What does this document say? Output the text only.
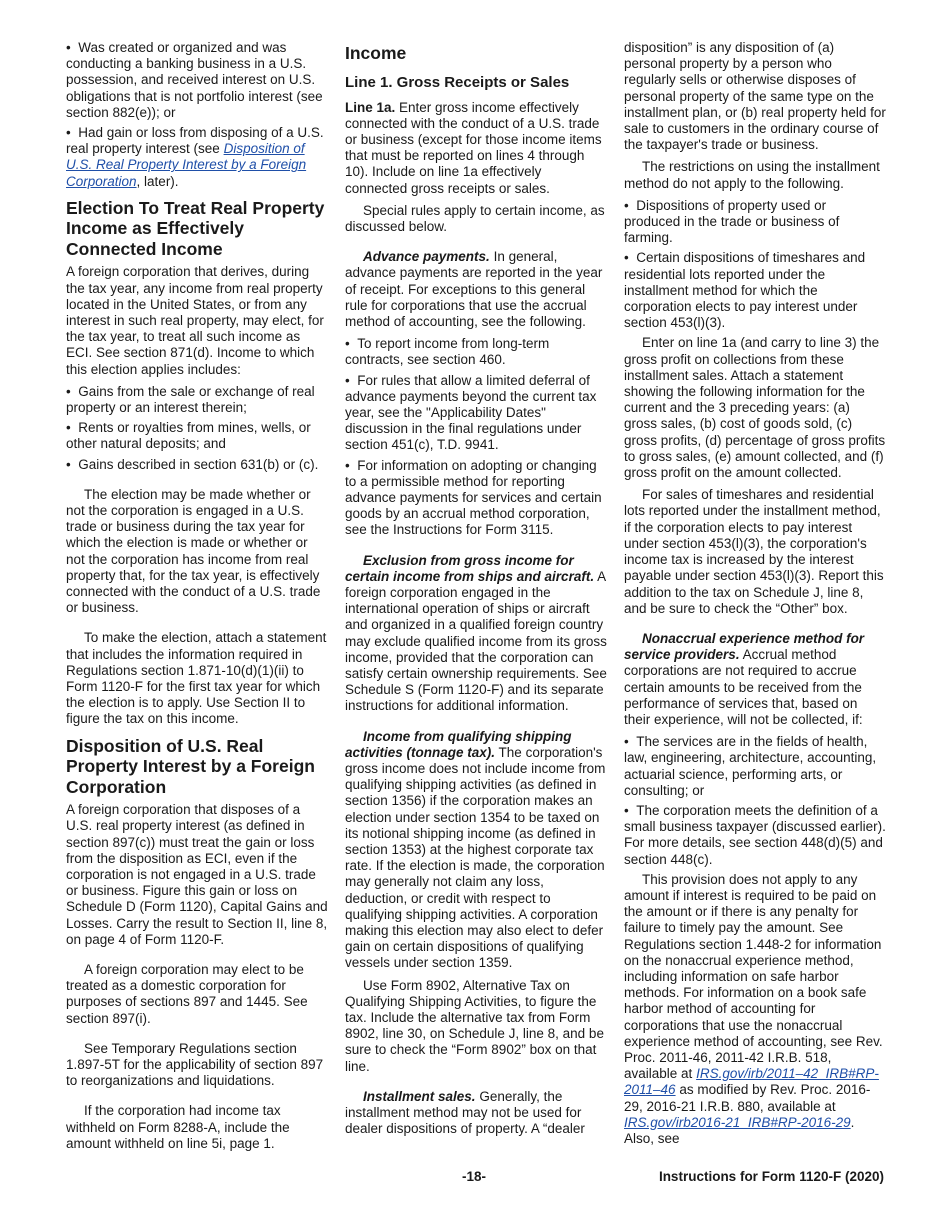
•  Was created or organized and was conducting a banking business in a U.S. possession, and received interest on U.S. obligations that is not portfolio interest (see section 882(e)); or

•  Had gain or loss from disposing of a U.S. real property interest (see Disposition of U.S. Real Property Interest by a Foreign Corporation, later).

Election To Treat Real Property Income as Effectively Connected Income

A foreign corporation that derives, during the tax year, any income from real property located in the United States, or from any interest in such real property, may elect, for the tax year, to treat all such income as ECI. See section 871(d). Income to which this election applies includes:

•  Gains from the sale or exchange of real property or an interest therein;

•  Rents or royalties from mines, wells, or other natural deposits; and

•  Gains described in section 631(b) or (c).

The election may be made whether or not the corporation is engaged in a U.S. trade or business during the tax year for which the election is made or whether or not the corporation has income from real property that, for the tax year, is effectively connected with the conduct of a U.S. trade or business.

To make the election, attach a statement that includes the information required in Regulations section 1.871-10(d)(1)(ii) to Form 1120-F for the first tax year for which the election is to apply. Use Section II to figure the tax on this income.

Disposition of U.S. Real Property Interest by a Foreign Corporation

A foreign corporation that disposes of a U.S. real property interest (as defined in section 897(c)) must treat the gain or loss from the disposition as ECI, even if the corporation is not engaged in a U.S. trade or business. Figure this gain or loss on Schedule D (Form 1120), Capital Gains and Losses. Carry the result to Section II, line 8, on page 4 of Form 1120-F.

A foreign corporation may elect to be treated as a domestic corporation for purposes of sections 897 and 1445. See section 897(i).

See Temporary Regulations section 1.897-5T for the applicability of section 897 to reorganizations and liquidations.

If the corporation had income tax withheld on Form 8288-A, include the amount withheld on line 5i, page 1.

Income
Line 1. Gross Receipts or Sales

Line 1a. Enter gross income effectively connected with the conduct of a U.S. trade or business (except for those income items that must be reported on lines 4 through 10). Include on line 1a effectively connected gross receipts or sales.

Special rules apply to certain income, as discussed below.

Advance payments. In general, advance payments are reported in the year of receipt. For exceptions to this general rule for corporations that use the accrual method of accounting, see the following.

•  To report income from long-term contracts, see section 460.

•  For rules that allow a limited deferral of advance payments beyond the current tax year, see the "Applicability Dates" discussion in the final regulations under section 451(c), T.D. 9941.

•  For information on adopting or changing to a permissible method for reporting advance payments for services and certain goods by an accrual method corporation, see the Instructions for Form 3115.

Exclusion from gross income for certain income from ships and aircraft. A foreign corporation engaged in the international operation of ships or aircraft and organized in a qualified foreign country may exclude qualified income from its gross income, provided that the corporation can satisfy certain ownership requirements. See Schedule S (Form 1120-F) and its separate instructions for additional information.

Income from qualifying shipping activities (tonnage tax). The corporation's gross income does not include income from qualifying shipping activities (as defined in section 1356) if the corporation makes an election under section 1354 to be taxed on its notional shipping income (as defined in section 1353) at the highest corporate tax rate. If the election is made, the corporation may generally not claim any loss, deduction, or credit with respect to qualifying shipping activities. A corporation making this election may also elect to defer gain on certain dispositions of qualifying vessels under section 1359.

Use Form 8902, Alternative Tax on Qualifying Shipping Activities, to figure the tax. Include the alternative tax from Form 8902, line 30, on Schedule J, line 8, and be sure to check the “Form 8902” box on that line.

Installment sales. Generally, the installment method may not be used for dealer dispositions of property. A “dealer

disposition” is any disposition of (a) personal property by a person who regularly sells or otherwise disposes of personal property of the same type on the installment plan, or (b) real property held for sale to customers in the ordinary course of the taxpayer's trade or business.

The restrictions on using the installment method do not apply to the following.

•  Dispositions of property used or produced in the trade or business of farming.

•  Certain dispositions of timeshares and residential lots reported under the installment method for which the corporation elects to pay interest under section 453(l)(3).

Enter on line 1a (and carry to line 3) the gross profit on collections from these installment sales. Attach a statement showing the following information for the current and the 3 preceding years: (a) gross sales, (b) cost of goods sold, (c) gross profits, (d) percentage of gross profits to gross sales, (e) amount collected, and (f) gross profit on the amount collected.

For sales of timeshares and residential lots reported under the installment method, if the corporation elects to pay interest under section 453(l)(3), the corporation's income tax is increased by the interest payable under section 453(l)(3). Report this addition to the tax on Schedule J, line 8, and be sure to check the “Other” box.

Nonaccrual experience method for service providers. Accrual method corporations are not required to accrue certain amounts to be received from the performance of services that, based on their experience, will not be collected, if:

•  The services are in the fields of health, law, engineering, architecture, accounting, actuarial science, performing arts, or consulting; or

•  The corporation meets the definition of a small business taxpayer (discussed earlier). For more details, see section 448(d)(5) and section 448(c).

This provision does not apply to any amount if interest is required to be paid on the amount or if there is any penalty for failure to timely pay the amount. See Regulations section 1.448-2 for information on the nonaccrual experience method, including information on safe harbor methods. For information on a book safe harbor method of accounting for corporations that use the nonaccrual experience method of accounting, see Rev. Proc. 2011-46, 2011-42 I.R.B. 518, available at IRS.gov/irb/2011–42_IRB#RP-2011–46 as modified by Rev. Proc. 2016-29, 2016-21 I.R.B. 880, available at IRS.gov/irb2016-21_IRB#RP-2016-29. Also, see

-18-	Instructions for Form 1120-F (2020)
